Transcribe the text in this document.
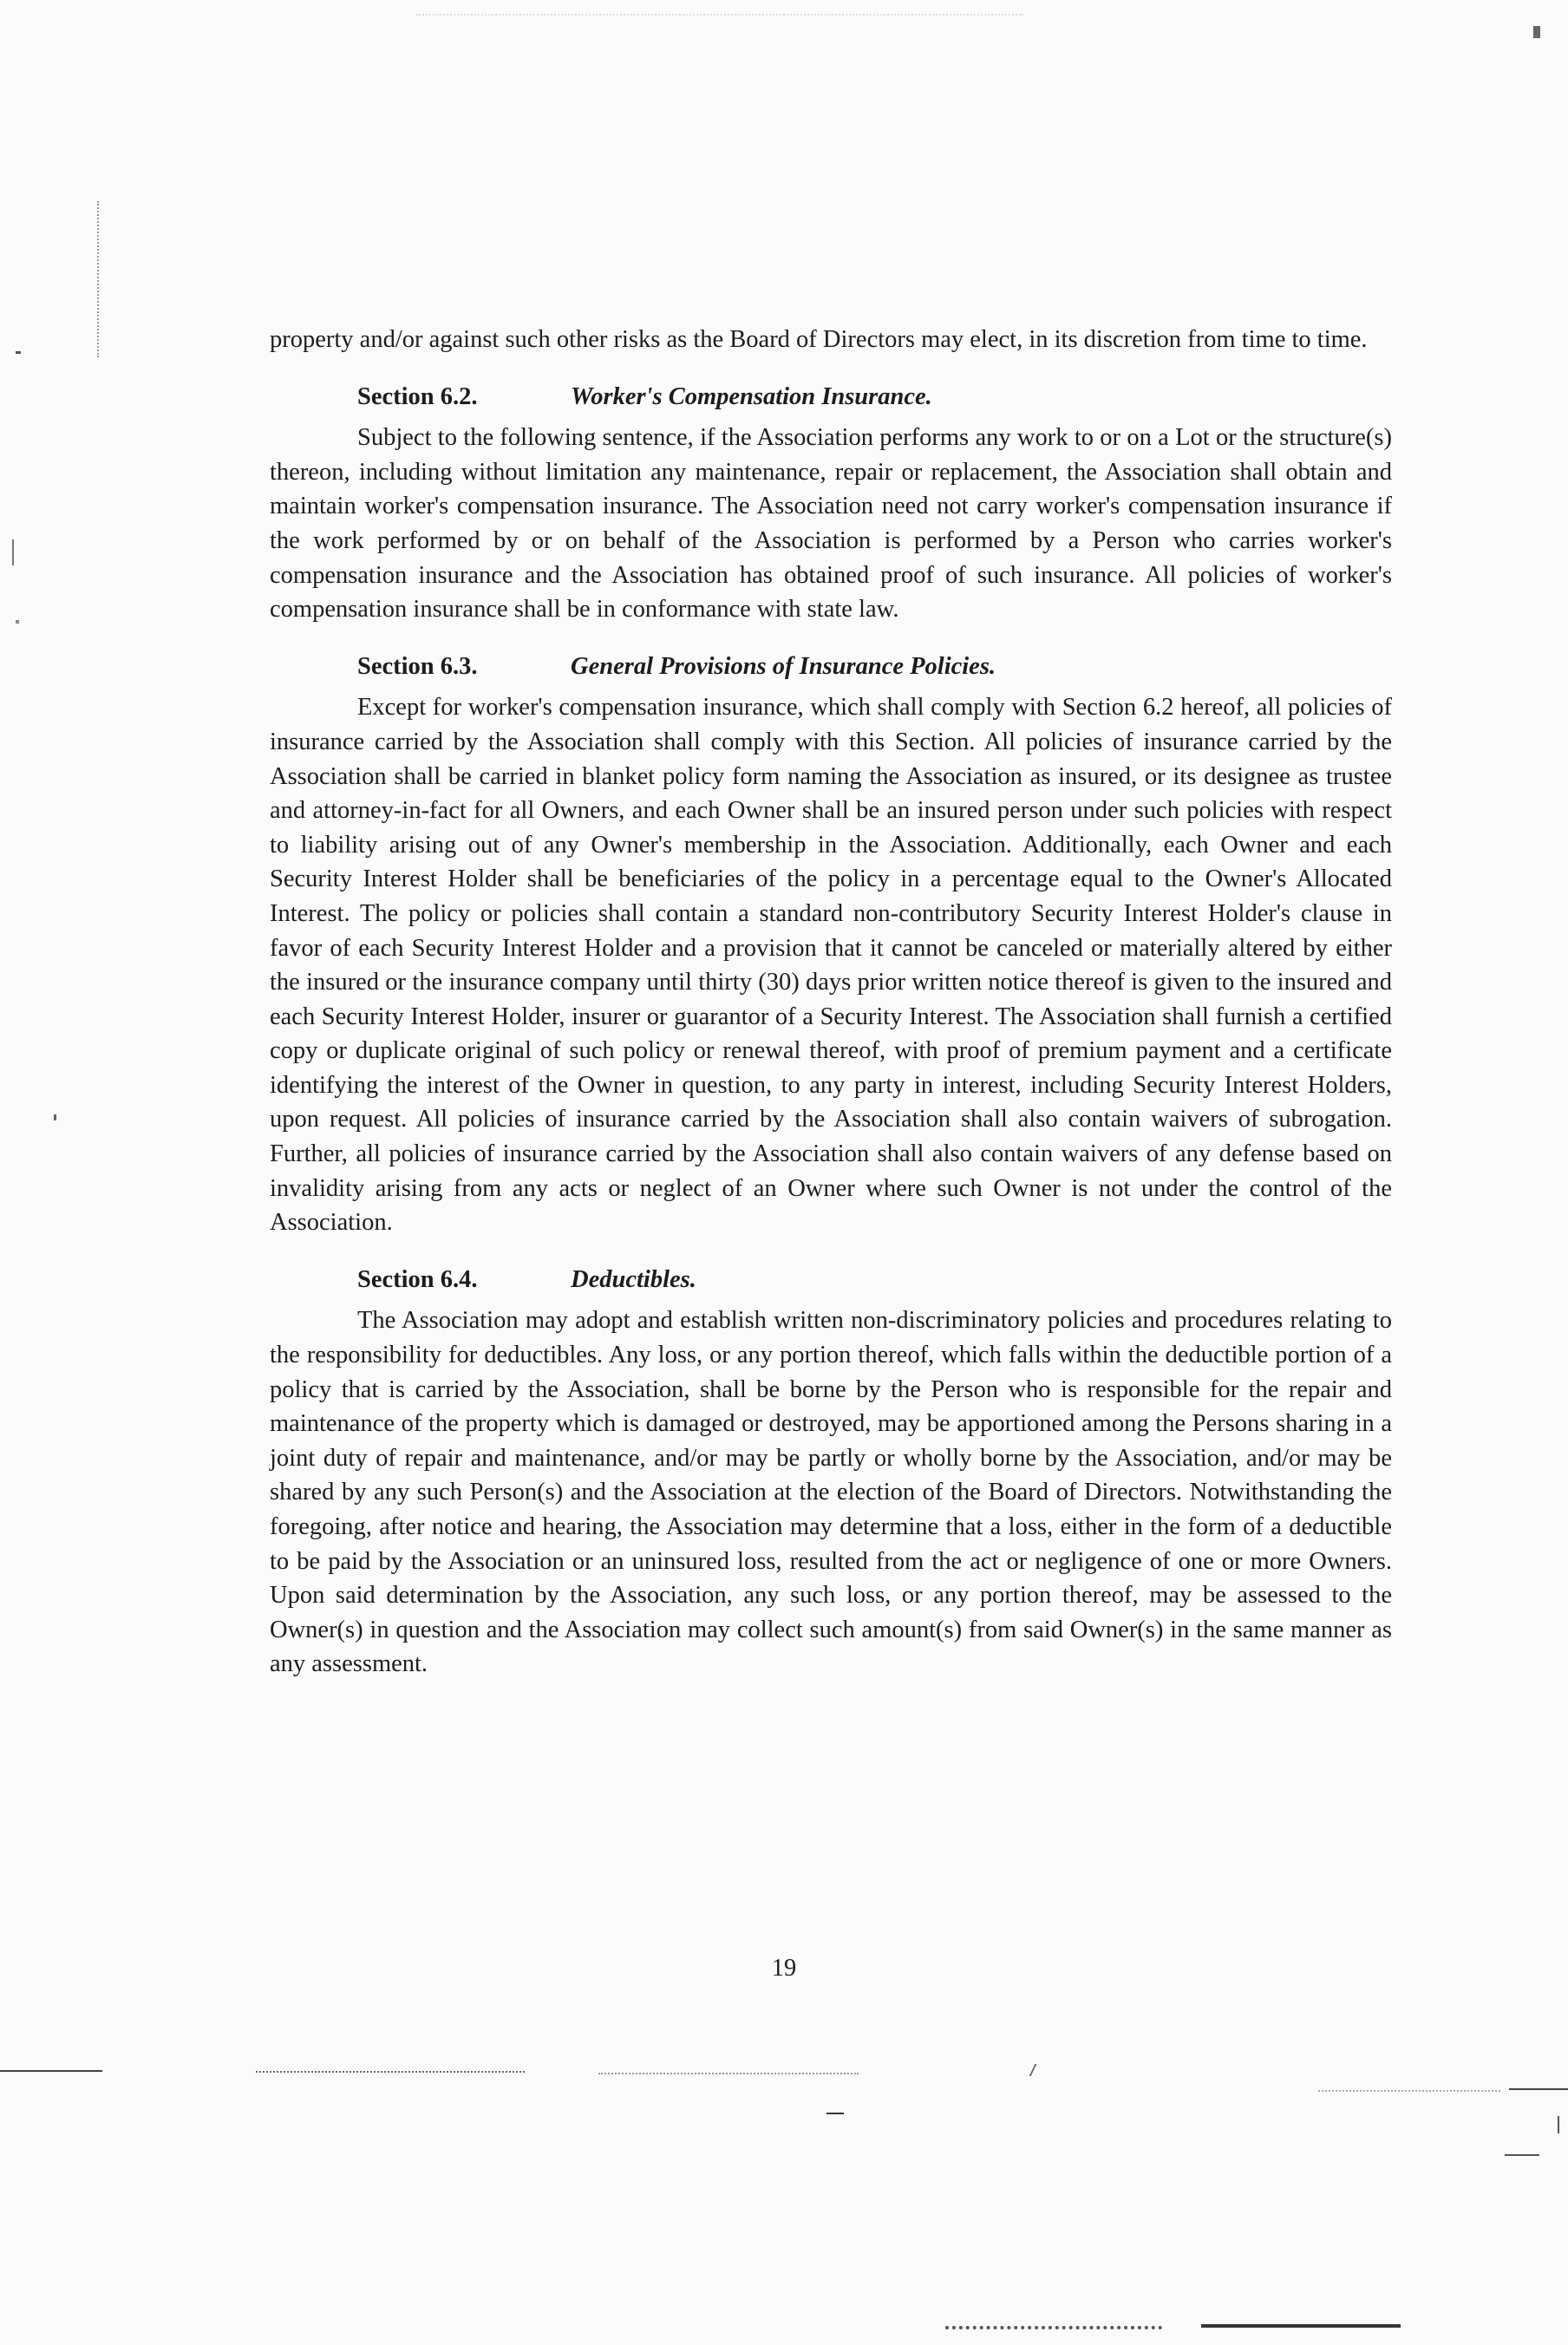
property and/or against such other risks as the Board of Directors may elect, in its discretion from time to time.

Section 6.2.	Worker's Compensation Insurance.

Subject to the following sentence, if the Association performs any work to or on a Lot or the structure(s) thereon, including without limitation any maintenance, repair or replacement, the Association shall obtain and maintain worker's compensation insurance. The Association need not carry worker's compensation insurance if the work performed by or on behalf of the Association is performed by a Person who carries worker's compensation insurance and the Association has obtained proof of such insurance. All policies of worker's compensation insurance shall be in conformance with state law.

Section 6.3.	General Provisions of Insurance Policies.

Except for worker's compensation insurance, which shall comply with Section 6.2 hereof, all policies of insurance carried by the Association shall comply with this Section. All policies of insurance carried by the Association shall be carried in blanket policy form naming the Association as insured, or its designee as trustee and attorney-in-fact for all Owners, and each Owner shall be an insured person under such policies with respect to liability arising out of any Owner's membership in the Association. Additionally, each Owner and each Security Interest Holder shall be beneficiaries of the policy in a percentage equal to the Owner's Allocated Interest. The policy or policies shall contain a standard non-contributory Security Interest Holder's clause in favor of each Security Interest Holder and a provision that it cannot be canceled or materially altered by either the insured or the insurance company until thirty (30) days prior written notice thereof is given to the insured and each Security Interest Holder, insurer or guarantor of a Security Interest. The Association shall furnish a certified copy or duplicate original of such policy or renewal thereof, with proof of premium payment and a certificate identifying the interest of the Owner in question, to any party in interest, including Security Interest Holders, upon request. All policies of insurance carried by the Association shall also contain waivers of subrogation. Further, all policies of insurance carried by the Association shall also contain waivers of any defense based on invalidity arising from any acts or neglect of an Owner where such Owner is not under the control of the Association.

Section 6.4.	Deductibles.

The Association may adopt and establish written non-discriminatory policies and procedures relating to the responsibility for deductibles. Any loss, or any portion thereof, which falls within the deductible portion of a policy that is carried by the Association, shall be borne by the Person who is responsible for the repair and maintenance of the property which is damaged or destroyed, may be apportioned among the Persons sharing in a joint duty of repair and maintenance, and/or may be partly or wholly borne by the Association, and/or may be shared by any such Person(s) and the Association at the election of the Board of Directors. Notwithstanding the foregoing, after notice and hearing, the Association may determine that a loss, either in the form of a deductible to be paid by the Association or an uninsured loss, resulted from the act or negligence of one or more Owners. Upon said determination by the Association, any such loss, or any portion thereof, may be assessed to the Owner(s) in question and the Association may collect such amount(s) from said Owner(s) in the same manner as any assessment.

19
